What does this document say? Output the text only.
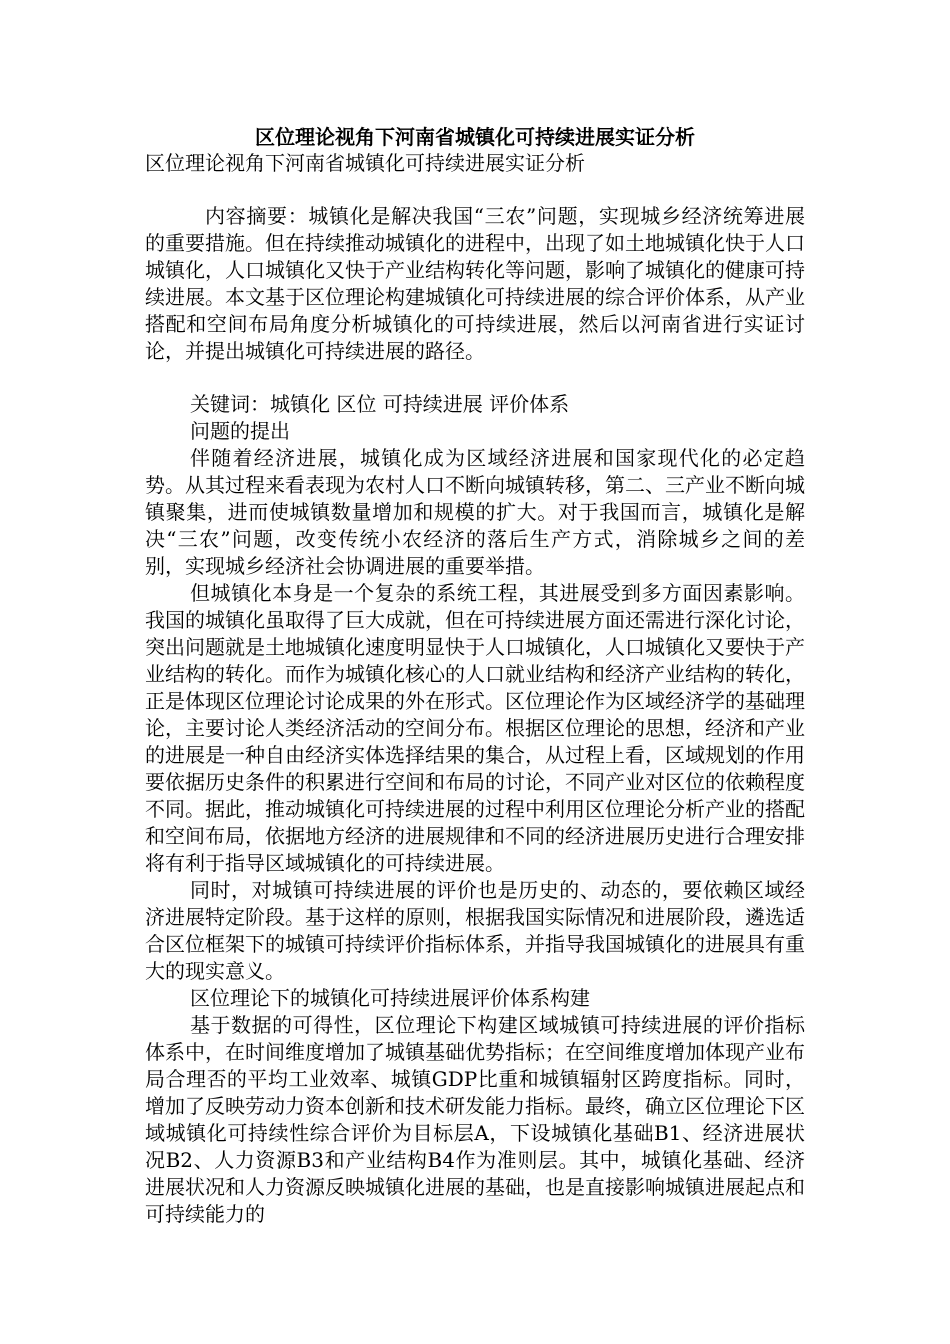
区位理论视角下河南省城镇化可持续进展实证分析

区位理论视角下河南省城镇化可持续进展实证分析

内容摘要：城镇化是解决我国“三农”问题，实现城乡经济统筹进展的重要措施。但在持续推动城镇化的进程中，出现了如土地城镇化快于人口城镇化，人口城镇化又快于产业结构转化等问题，影响了城镇化的健康可持续进展。本文基于区位理论构建城镇化可持续进展的综合评价体系，从产业搭配和空间布局角度分析城镇化的可持续进展，然后以河南省进行实证讨论，并提出城镇化可持续进展的路径。

关键词：城镇化 区位 可持续进展 评价体系

问题的提出

伴随着经济进展，城镇化成为区域经济进展和国家现代化的必定趋势。从其过程来看表现为农村人口不断向城镇转移，第二、三产业不断向城镇聚集，进而使城镇数量增加和规模的扩大。对于我国而言，城镇化是解决“三农”问题，改变传统小农经济的落后生产方式，消除城乡之间的差别，实现城乡经济社会协调进展的重要举措。

但城镇化本身是一个复杂的系统工程，其进展受到多方面因素影响。我国的城镇化虽取得了巨大成就，但在可持续进展方面还需进行深化讨论，突出问题就是土地城镇化速度明显快于人口城镇化，人口城镇化又要快于产业结构的转化。而作为城镇化核心的人口就业结构和经济产业结构的转化，正是体现区位理论讨论成果的外在形式。区位理论作为区域经济学的基础理论，主要讨论人类经济活动的空间分布。根据区位理论的思想，经济和产业的进展是一种自由经济实体选择结果的集合，从过程上看，区域规划的作用要依据历史条件的积累进行空间和布局的讨论，不同产业对区位的依赖程度不同。据此，推动城镇化可持续进展的过程中利用区位理论分析产业的搭配和空间布局，依据地方经济的进展规律和不同的经济进展历史进行合理安排将有利于指导区域城镇化的可持续进展。

同时，对城镇可持续进展的评价也是历史的、动态的，要依赖区域经济进展特定阶段。基于这样的原则，根据我国实际情况和进展阶段，遴选适合区位框架下的城镇可持续评价指标体系，并指导我国城镇化的进展具有重大的现实意义。

区位理论下的城镇化可持续进展评价体系构建

基于数据的可得性，区位理论下构建区域城镇可持续进展的评价指标体系中，在时间维度增加了城镇基础优势指标；在空间维度增加体现产业布局合理否的平均工业效率、城镇GDP比重和城镇辐射区跨度指标。同时，增加了反映劳动力资本创新和技术研发能力指标。最终，确立区位理论下区域城镇化可持续性综合评价为目标层A，下设城镇化基础B1、经济进展状况B2、人力资源B3和产业结构B4作为准则层。其中，城镇化基础、经济进展状况和人力资源反映城镇化进展的基础，也是直接影响城镇进展起点和可持续能力的
